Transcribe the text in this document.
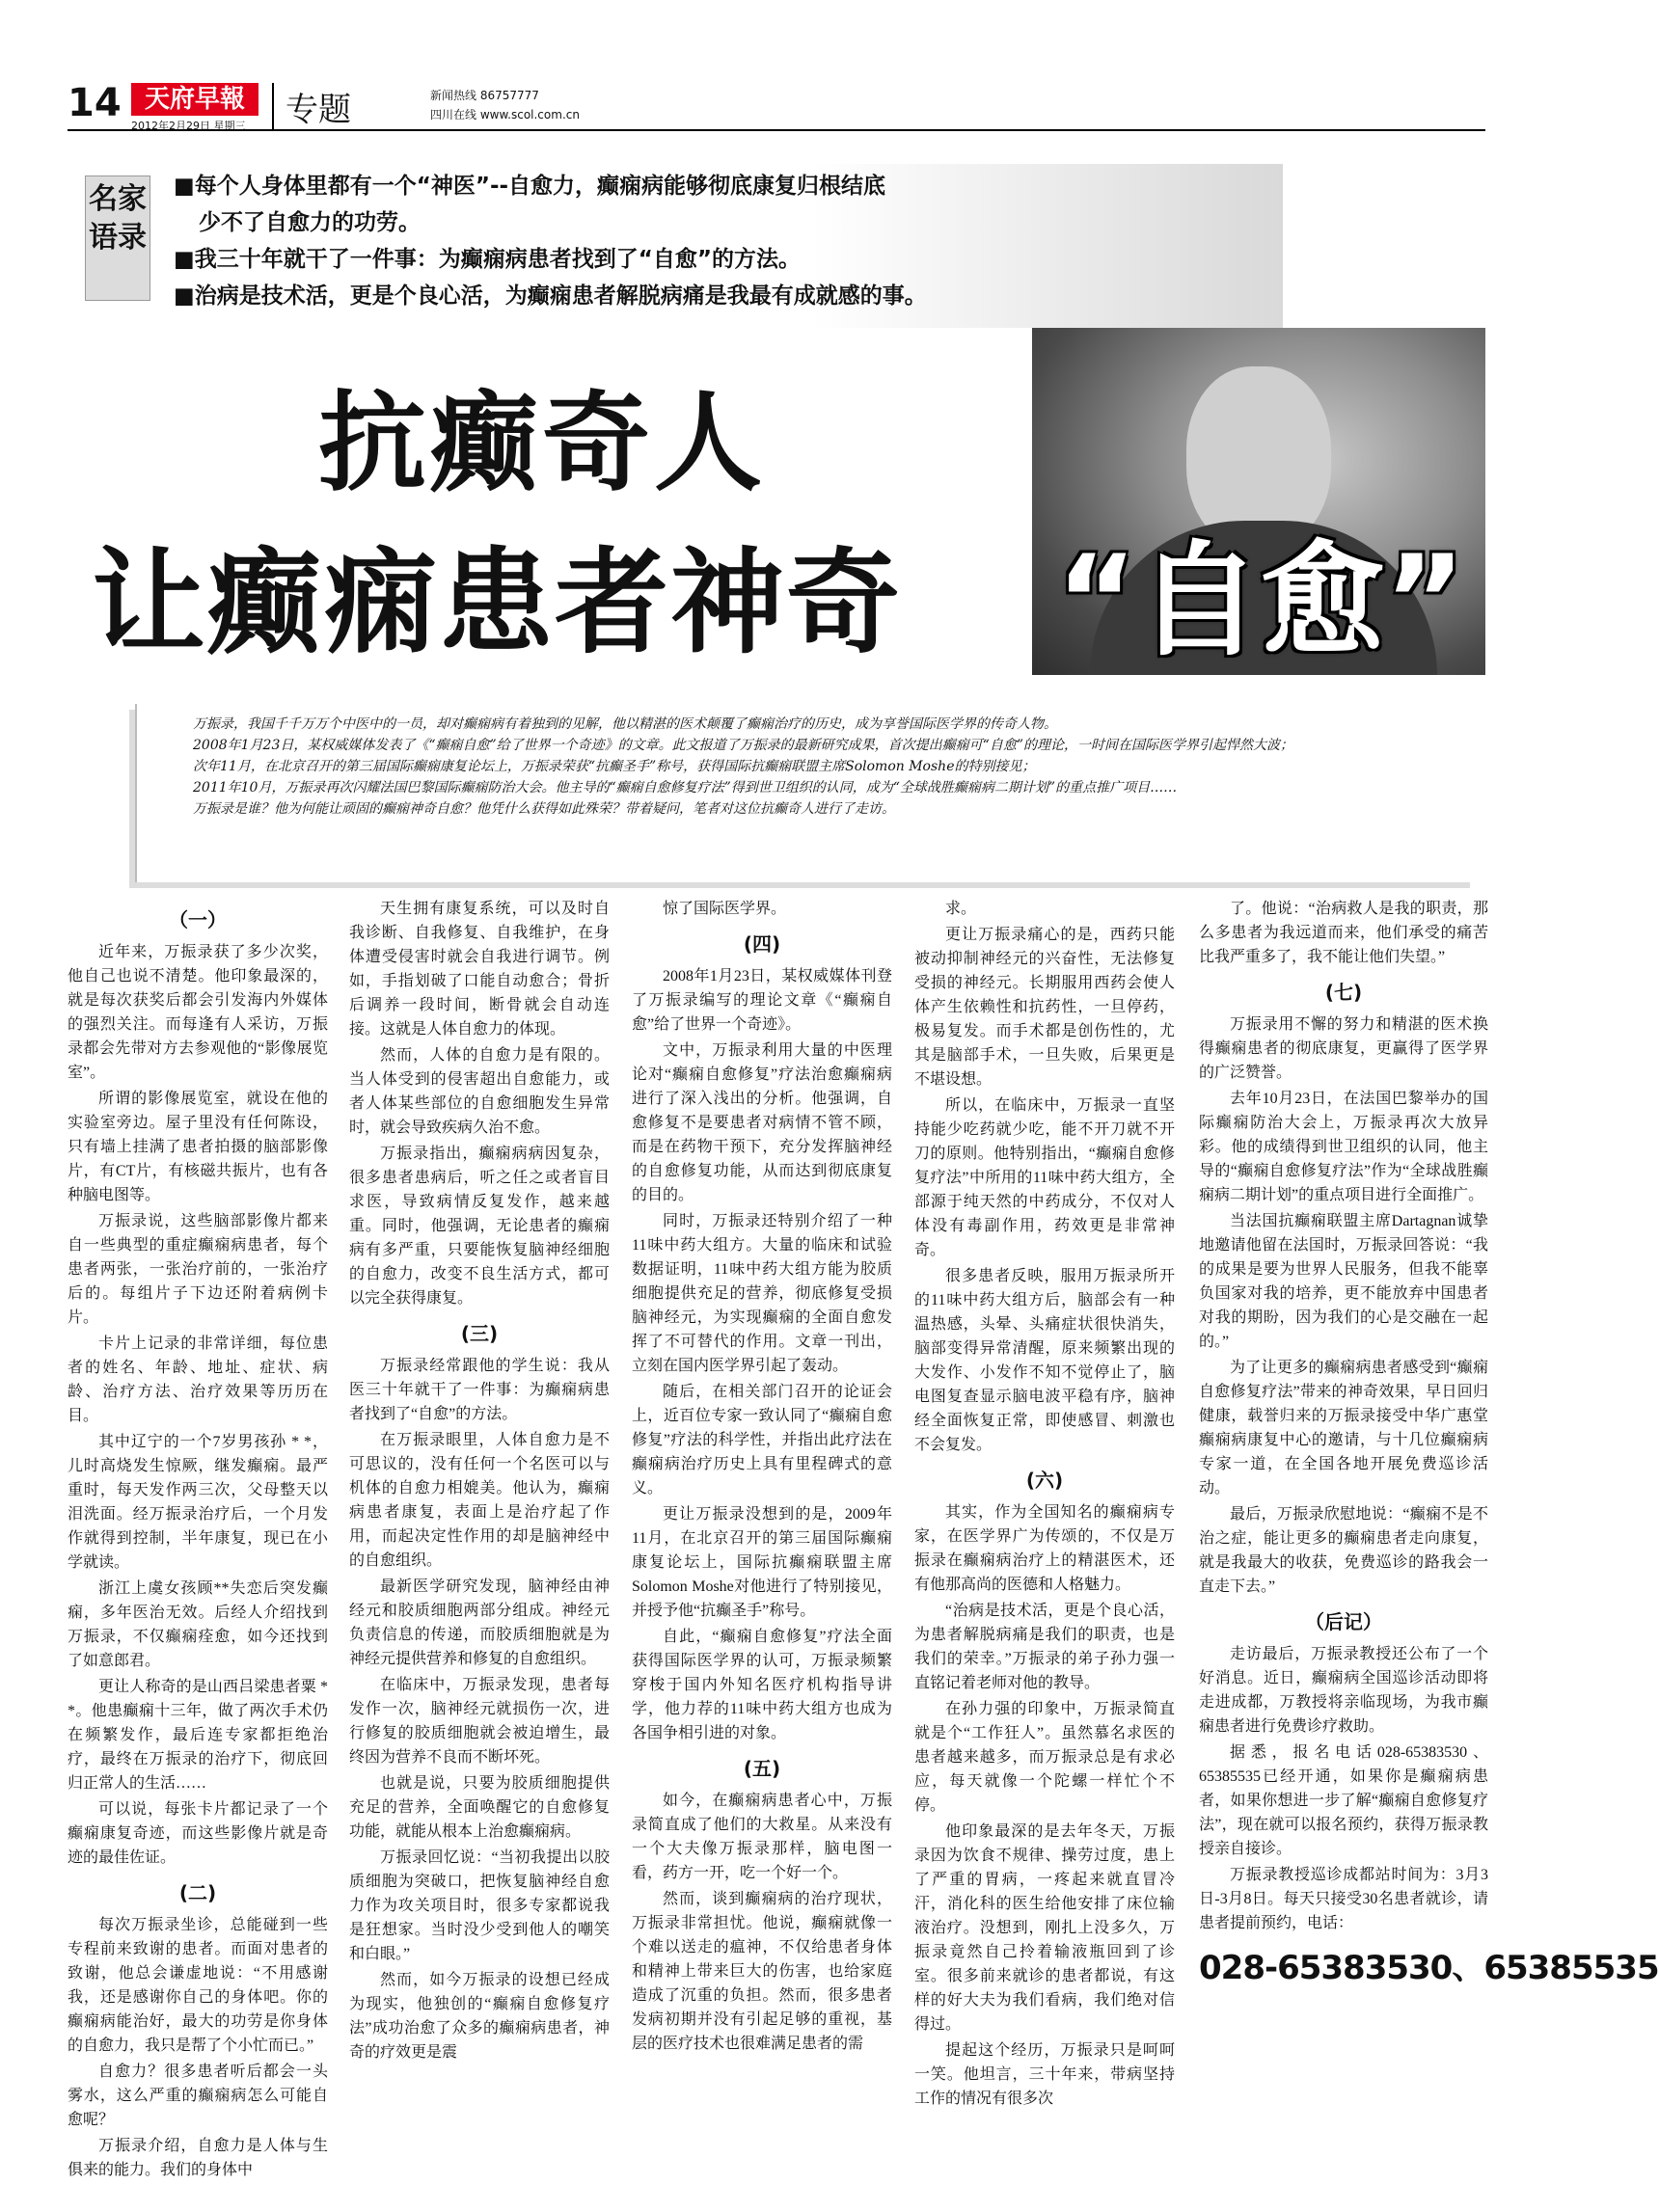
14 天府早報
2012年2月29日 星期三	专题	新闻热线 86757777
四川在线 www.scol.com.cn
名家语录

■每个人身体里都有一个“神医”--自愈力，癫痫病能够彻底康复归根结底

少不了自愈力的功劳。

■我三十年就干了一件事：为癫痫病患者找到了“自愈”的方法。

■治病是技术活，更是个良心活，为癫痫患者解脱病痛是我最有成就感的事。

抗癫奇人
让癫痫患者神奇 “自愈”

万振录，我国千千万万个中医中的一员，却对癫痫病有着独到的见解，他以精湛的医术颠覆了癫痫治疗的历史，成为享誉国际医学界的传奇人物。

2008年1月23日，某权威媒体发表了《“癫痫自愈”给了世界一个奇迹》的文章。此文报道了万振录的最新研究成果，首次提出癫痫可“自愈”的理论，一时间在国际医学界引起悍然大波；

次年11月，在北京召开的第三届国际癫痫康复论坛上，万振录荣获“抗癫圣手”称号，获得国际抗癫痫联盟主席Solomon Moshe的特别接见；

2011年10月，万振录再次闪耀法国巴黎国际癫痫防治大会。他主导的“癫痫自愈修复疗法”得到世卫组织的认同，成为“全球战胜癫痫病二期计划”的重点推广项目……

万振录是谁？他为何能让顽固的癫痫神奇自愈？他凭什么获得如此殊荣？带着疑问，笔者对这位抗癫奇人进行了走访。

（一）

近年来，万振录获了多少次奖，他自己也说不清楚。他印象最深的，就是每次获奖后都会引发海内外媒体的强烈关注。而每逢有人采访，万振录都会先带对方去参观他的“影像展览室”。

所谓的影像展览室，就设在他的实验室旁边。屋子里没有任何陈设，只有墙上挂满了患者拍摄的脑部影像片，有CT片，有核磁共振片，也有各种脑电图等。

万振录说，这些脑部影像片都来自一些典型的重症癫痫病患者，每个患者两张，一张治疗前的，一张治疗后的。每组片子下边还附着病例卡片。

卡片上记录的非常详细，每位患者的姓名、年龄、地址、症状、病龄、治疗方法、治疗效果等历历在目。

其中辽宁的一个7岁男孩孙 * *，儿时高烧发生惊厥，继发癫痫。最严重时，每天发作两三次，父母整天以泪洗面。经万振录治疗后，一个月发作就得到控制，半年康复，现已在小学就读。

浙江上虞女孩顾**失恋后突发癫痫，多年医治无效。后经人介绍找到万振录，不仅癫痫痊愈，如今还找到了如意郎君。

更让人称奇的是山西吕梁患者粟 * *。他患癫痫十三年，做了两次手术仍在频繁发作，最后连专家都拒绝治疗，最终在万振录的治疗下，彻底回归正常人的生活……

可以说，每张卡片都记录了一个癫痫康复奇迹，而这些影像片就是奇迹的最佳佐证。

(二)

每次万振录坐诊，总能碰到一些专程前来致谢的患者。而面对患者的致谢，他总会谦虚地说：“不用感谢我，还是感谢你自己的身体吧。你的癫痫病能治好，最大的功劳是你身体的自愈力，我只是帮了个小忙而已。”

自愈力？很多患者听后都会一头雾水，这么严重的癫痫病怎么可能自愈呢？

万振录介绍，自愈力是人体与生俱来的能力。我们的身体中

天生拥有康复系统，可以及时自我诊断、自我修复、自我维护，在身体遭受侵害时就会自我进行调节。例如，手指划破了口能自动愈合；骨折后调养一段时间，断骨就会自动连接。这就是人体自愈力的体现。

然而，人体的自愈力是有限的。当人体受到的侵害超出自愈能力，或者人体某些部位的自愈细胞发生异常时，就会导致疾病久治不愈。

万振录指出，癫痫病病因复杂，很多患者患病后，听之任之或者盲目求医，导致病情反复发作，越来越重。同时，他强调，无论患者的癫痫病有多严重，只要能恢复脑神经细胞的自愈力，改变不良生活方式，都可以完全获得康复。

(三)

万振录经常跟他的学生说：我从医三十年就干了一件事：为癫痫病患者找到了“自愈”的方法。

在万振录眼里，人体自愈力是不可思议的，没有任何一个名医可以与机体的自愈力相媲美。他认为，癫痫病患者康复，表面上是治疗起了作用，而起决定性作用的却是脑神经中的自愈组织。

最新医学研究发现，脑神经由神经元和胶质细胞两部分组成。神经元负责信息的传递，而胶质细胞就是为神经元提供营养和修复的自愈组织。

在临床中，万振录发现，患者每发作一次，脑神经元就损伤一次，进行修复的胶质细胞就会被迫增生，最终因为营养不良而不断坏死。

也就是说，只要为胶质细胞提供充足的营养，全面唤醒它的自愈修复功能，就能从根本上治愈癫痫病。

万振录回忆说：“当初我提出以胶质细胞为突破口，把恢复脑神经自愈力作为攻关项目时，很多专家都说我是狂想家。当时没少受到他人的嘲笑和白眼。”

然而，如今万振录的设想已经成为现实，他独创的“癫痫自愈修复疗法”成功治愈了众多的癫痫病患者，神奇的疗效更是震

惊了国际医学界。

(四)

2008年1月23日，某权威媒体刊登了万振录编写的理论文章《“癫痫自愈”给了世界一个奇迹》。

文中，万振录利用大量的中医理论对“癫痫自愈修复”疗法治愈癫痫病进行了深入浅出的分析。他强调，自愈修复不是要患者对病情不管不顾，而是在药物干预下，充分发挥脑神经的自愈修复功能，从而达到彻底康复的目的。

同时，万振录还特别介绍了一种11味中药大组方。大量的临床和试验数据证明，11味中药大组方能为胶质细胞提供充足的营养，彻底修复受损脑神经元，为实现癫痫的全面自愈发挥了不可替代的作用。文章一刊出，立刻在国内医学界引起了轰动。

随后，在相关部门召开的论证会上，近百位专家一致认同了“癫痫自愈修复”疗法的科学性，并指出此疗法在癫痫病治疗历史上具有里程碑式的意义。

更让万振录没想到的是，2009年11月，在北京召开的第三届国际癫痫康复论坛上，国际抗癫痫联盟主席Solomon Moshe对他进行了特别接见，并授予他“抗癫圣手”称号。

自此，“癫痫自愈修复”疗法全面获得国际医学界的认可，万振录频繁穿梭于国内外知名医疗机构指导讲学，他力荐的11味中药大组方也成为各国争相引进的对象。

(五)

如今，在癫痫病患者心中，万振录简直成了他们的大救星。从来没有一个大夫像万振录那样，脑电图一看，药方一开，吃一个好一个。

然而，谈到癫痫病的治疗现状，万振录非常担忧。他说，癫痫就像一个难以送走的瘟神，不仅给患者身体和精神上带来巨大的伤害，也给家庭造成了沉重的负担。然而，很多患者发病初期并没有引起足够的重视，基层的医疗技术也很难满足患者的需

求。

更让万振录痛心的是，西药只能被动抑制神经元的兴奋性，无法修复受损的神经元。长期服用西药会使人体产生依赖性和抗药性，一旦停药，极易复发。而手术都是创伤性的，尤其是脑部手术，一旦失败，后果更是不堪设想。

所以，在临床中，万振录一直坚持能少吃药就少吃，能不开刀就不开刀的原则。他特别指出，“癫痫自愈修复疗法”中所用的11味中药大组方，全部源于纯天然的中药成分，不仅对人体没有毒副作用，药效更是非常神奇。

很多患者反映，服用万振录所开的11味中药大组方后，脑部会有一种温热感，头晕、头痛症状很快消失，脑部变得异常清醒，原来频繁出现的大发作、小发作不知不觉停止了，脑电图复查显示脑电波平稳有序，脑神经全面恢复正常，即使感冒、刺激也不会复发。

(六)

其实，作为全国知名的癫痫病专家，在医学界广为传颂的，不仅是万振录在癫痫病治疗上的精湛医术，还有他那高尚的医德和人格魅力。

“治病是技术活，更是个良心活，为患者解脱病痛是我们的职责，也是我们的荣幸。”万振录的弟子孙力强一直铭记着老师对他的教导。

在孙力强的印象中，万振录简直就是个“工作狂人”。虽然慕名求医的患者越来越多，而万振录总是有求必应，每天就像一个陀螺一样忙个不停。

他印象最深的是去年冬天，万振录因为饮食不规律、操劳过度，患上了严重的胃病，一疼起来就直冒冷汗，消化科的医生给他安排了床位输液治疗。没想到，刚扎上没多久，万振录竟然自己拎着输液瓶回到了诊室。很多前来就诊的患者都说，有这样的好大夫为我们看病，我们绝对信得过。

提起这个经历，万振录只是呵呵一笑。他坦言，三十年来，带病坚持工作的情况有很多次

了。他说：“治病救人是我的职责，那么多患者为我远道而来，他们承受的痛苦比我严重多了，我不能让他们失望。”

(七)

万振录用不懈的努力和精湛的医术换得癫痫患者的彻底康复，更赢得了医学界的广泛赞誉。

去年10月23日，在法国巴黎举办的国际癫痫防治大会上，万振录再次大放异彩。他的成绩得到世卫组织的认同，他主导的“癫痫自愈修复疗法”作为“全球战胜癫痫病二期计划”的重点项目进行全面推广。

当法国抗癫痫联盟主席Dartagnan诚挚地邀请他留在法国时，万振录回答说：“我的成果是要为世界人民服务，但我不能辜负国家对我的培养，更不能放弃中国患者对我的期盼，因为我们的心是交融在一起的。”

为了让更多的癫痫病患者感受到“癫痫自愈修复疗法”带来的神奇效果，早日回归健康，载誉归来的万振录接受中华广惠堂癫痫病康复中心的邀请，与十几位癫痫病专家一道，在全国各地开展免费巡诊活动。

最后，万振录欣慰地说：“癫痫不是不治之症，能让更多的癫痫患者走向康复，就是我最大的收获，免费巡诊的路我会一直走下去。”

（后记）

走访最后，万振录教授还公布了一个好消息。近日，癫痫病全国巡诊活动即将走进成都，万教授将亲临现场，为我市癫痫患者进行免费诊疗救助。

据悉，报名电话028-65383530、65385535已经开通，如果你是癫痫病患者，如果你想进一步了解“癫痫自愈修复疗法”，现在就可以报名预约，获得万振录教授亲自接诊。

万振录教授巡诊成都站时间为：3月3日-3月8日。每天只接受30名患者就诊，请患者提前预约，电话：

028-65383530、65385535
